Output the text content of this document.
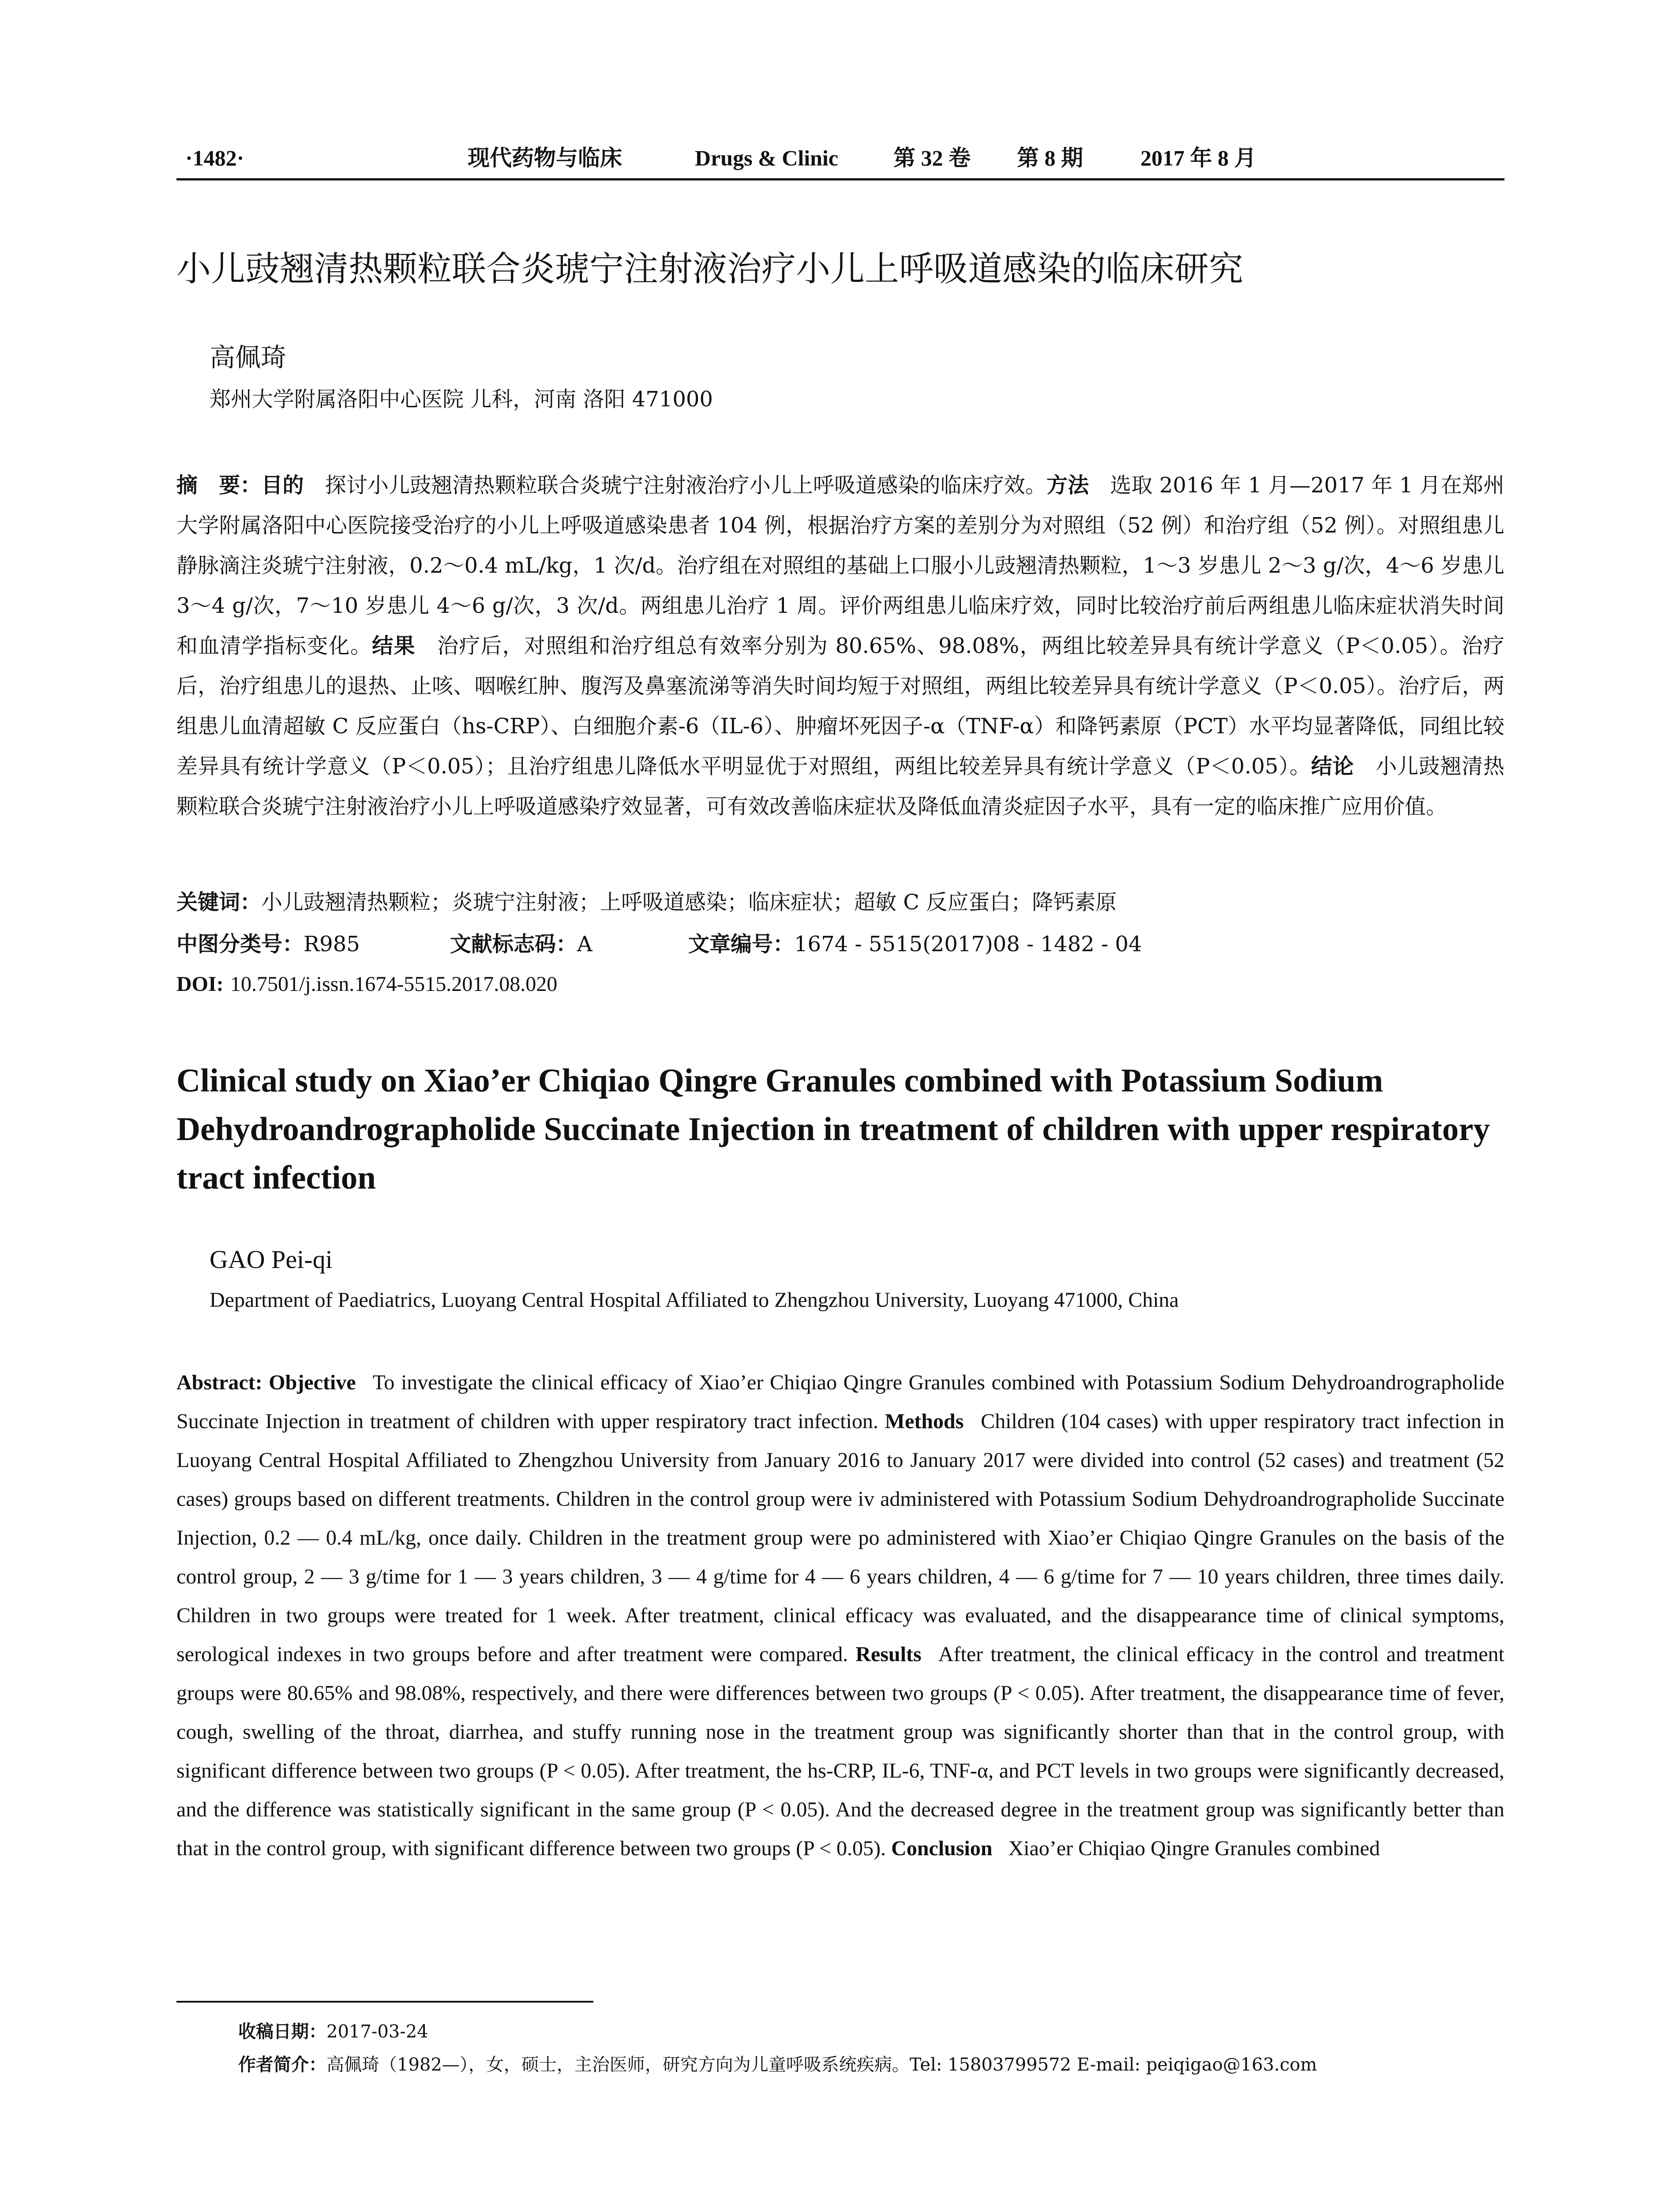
·1482·	现代药物与临床	Drugs & Clinic	第 32 卷 第 8 期	2017 年 8 月
小儿豉翘清热颗粒联合炎琥宁注射液治疗小儿上呼吸道感染的临床研究
高佩琦
郑州大学附属洛阳中心医院 儿科，河南 洛阳 471000
摘　要：目的  探讨小儿豉翘清热颗粒联合炎琥宁注射液治疗小儿上呼吸道感染的临床疗效。方法  选取 2016 年 1 月—2017 年 1 月在郑州大学附属洛阳中心医院接受治疗的小儿上呼吸道感染患者 104 例，根据治疗方案的差别分为对照组（52 例）和治疗组（52 例）。对照组患儿静脉滴注炎琥宁注射液，0.2～0.4 mL/kg，1 次/d。治疗组在对照组的基础上口服小儿豉翘清热颗粒，1～3 岁患儿 2～3 g/次，4～6 岁患儿 3～4 g/次，7～10 岁患儿 4～6 g/次，3 次/d。两组患儿治疗 1 周。评价两组患儿临床疗效，同时比较治疗前后两组患儿临床症状消失时间和血清学指标变化。结果  治疗后，对照组和治疗组总有效率分别为 80.65%、98.08%，两组比较差异具有统计学意义（P＜0.05）。治疗后，治疗组患儿的退热、止咳、咽喉红肿、腹泻及鼻塞流涕等消失时间均短于对照组，两组比较差异具有统计学意义（P＜0.05）。治疗后，两组患儿血清超敏 C 反应蛋白（hs-CRP）、白细胞介素-6（IL-6）、肿瘤坏死因子-α（TNF-α）和降钙素原（PCT）水平均显著降低，同组比较差异具有统计学意义（P＜0.05）；且治疗组患儿降低水平明显优于对照组，两组比较差异具有统计学意义（P＜0.05）。结论  小儿豉翘清热颗粒联合炎琥宁注射液治疗小儿上呼吸道感染疗效显著，可有效改善临床症状及降低血清炎症因子水平，具有一定的临床推广应用价值。
关键词：小儿豉翘清热颗粒；炎琥宁注射液；上呼吸道感染；临床症状；超敏 C 反应蛋白；降钙素原
中图分类号：R985	文献标志码：A	文章编号：1674 - 5515(2017)08 - 1482 - 04
DOI: 10.7501/j.issn.1674-5515.2017.08.020
Clinical study on Xiao’er Chiqiao Qingre Granules combined with Potassium Sodium Dehydroandrographolide Succinate Injection in treatment of children with upper respiratory tract infection
GAO Pei-qi
Department of Paediatrics, Luoyang Central Hospital Affiliated to Zhengzhou University, Luoyang 471000, China
Abstract: Objective  To investigate the clinical efficacy of Xiao’er Chiqiao Qingre Granules combined with Potassium Sodium Dehydroandrographolide Succinate Injection in treatment of children with upper respiratory tract infection. Methods  Children (104 cases) with upper respiratory tract infection in Luoyang Central Hospital Affiliated to Zhengzhou University from January 2016 to January 2017 were divided into control (52 cases) and treatment (52 cases) groups based on different treatments. Children in the control group were iv administered with Potassium Sodium Dehydroandrographolide Succinate Injection, 0.2 — 0.4 mL/kg, once daily. Children in the treatment group were po administered with Xiao’er Chiqiao Qingre Granules on the basis of the control group, 2 — 3 g/time for 1 — 3 years children, 3 — 4 g/time for 4 — 6 years children, 4 — 6 g/time for 7 — 10 years children, three times daily. Children in two groups were treated for 1 week. After treatment, clinical efficacy was evaluated, and the disappearance time of clinical symptoms, serological indexes in two groups before and after treatment were compared. Results  After treatment, the clinical efficacy in the control and treatment groups were 80.65% and 98.08%, respectively, and there were differences between two groups (P < 0.05). After treatment, the disappearance time of fever, cough, swelling of the throat, diarrhea, and stuffy running nose in the treatment group was significantly shorter than that in the control group, with significant difference between two groups (P < 0.05). After treatment, the hs-CRP, IL-6, TNF-α, and PCT levels in two groups were significantly decreased, and the difference was statistically significant in the same group (P < 0.05). And the decreased degree in the treatment group was significantly better than that in the control group, with significant difference between two groups (P < 0.05). Conclusion  Xiao’er Chiqiao Qingre Granules combined
收稿日期：2017-03-24
作者简介：高佩琦（1982—），女，硕士，主治医师，研究方向为儿童呼吸系统疾病。Tel: 15803799572 E-mail: peiqigao@163.com
